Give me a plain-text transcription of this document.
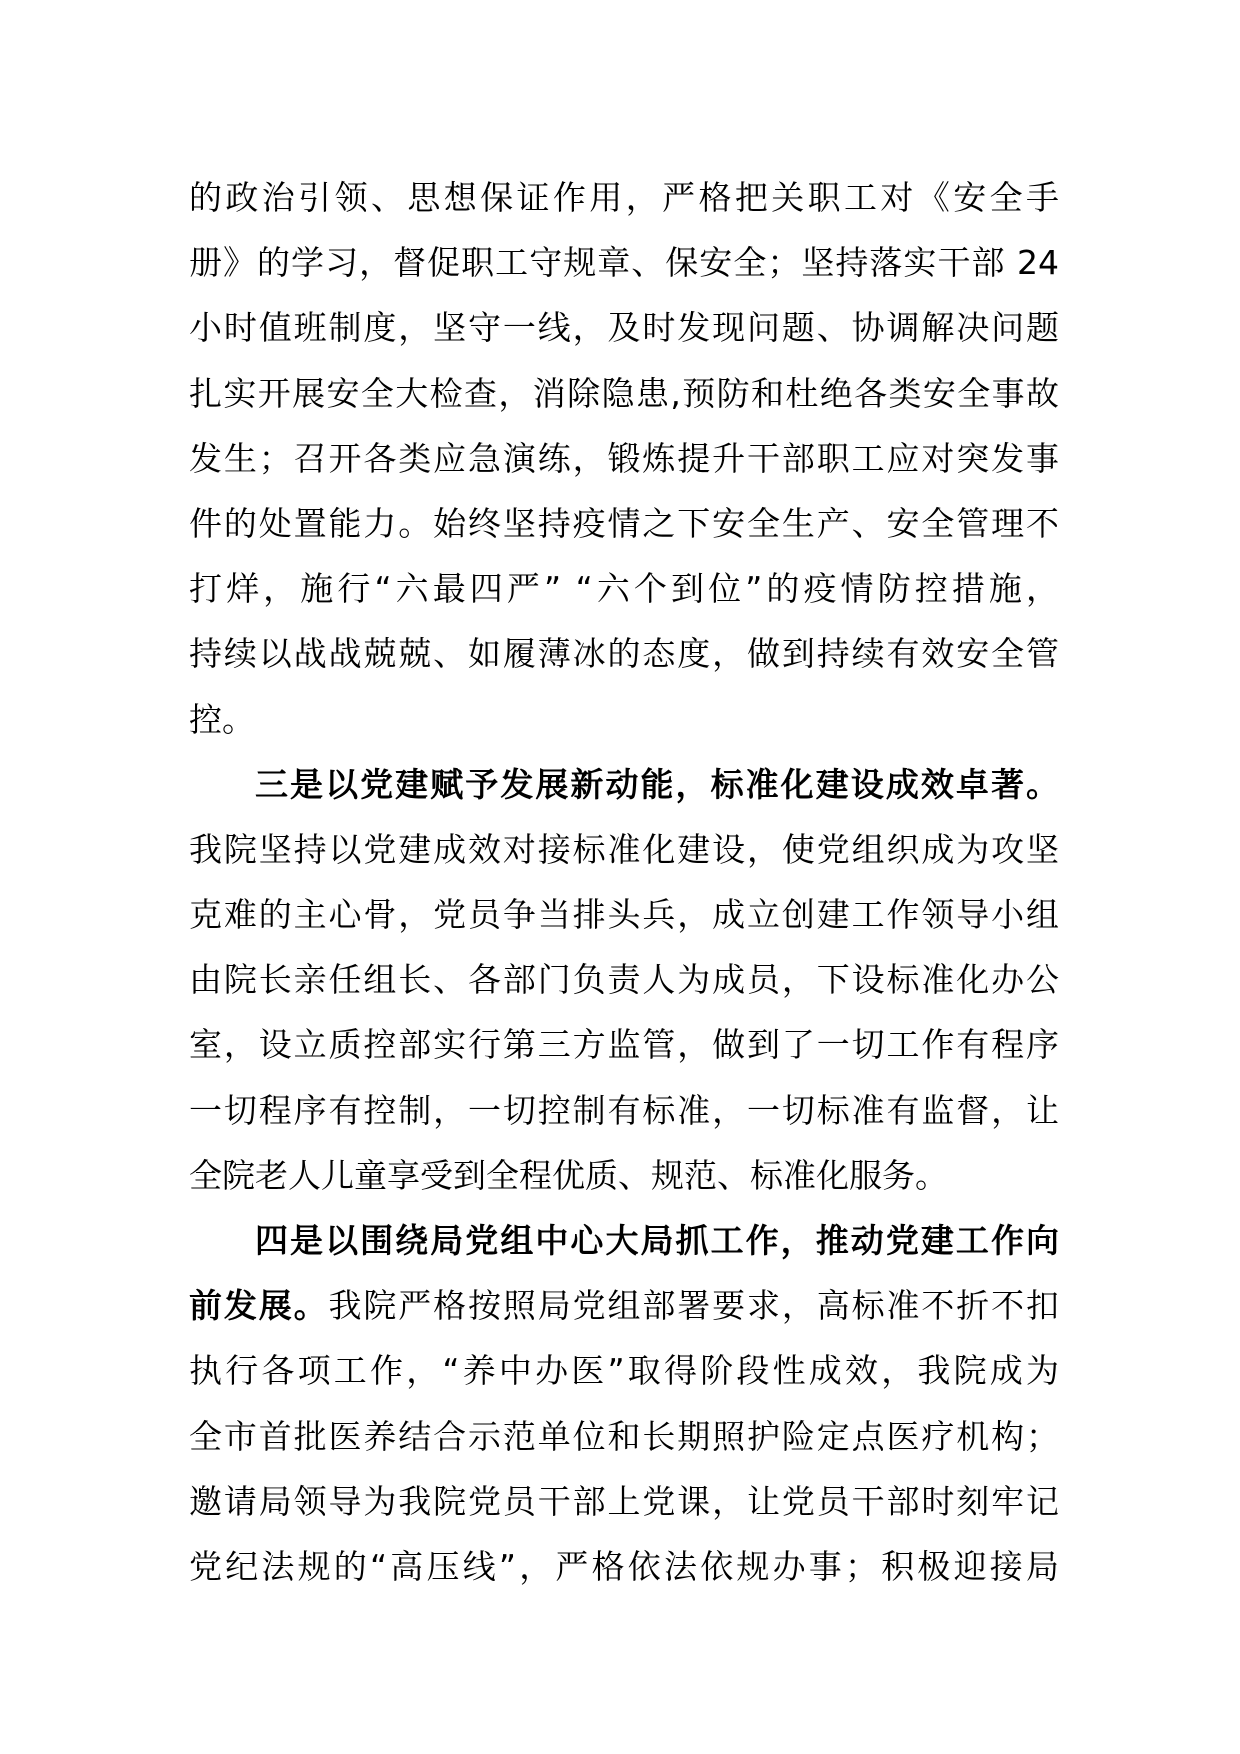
的政治引领、思想保证作用，严格把关职工对《安全手
册》的学习，督促职工守规章、保安全；坚持落实干部 24
小时值班制度，坚守一线，及时发现问题、协调解决问题
扎实开展安全大检查，消除隐患,预防和杜绝各类安全事故
发生；召开各类应急演练，锻炼提升干部职工应对突发事
件的处置能力。始终坚持疫情之下安全生产、安全管理不
打烊，施行“六最四严” “六个到位”的疫情防控措施，
持续以战战兢兢、如履薄冰的态度，做到持续有效安全管
控。
三是以党建赋予发展新动能，标准化建设成效卓著。
我院坚持以党建成效对接标准化建设，使党组织成为攻坚
克难的主心骨，党员争当排头兵，成立创建工作领导小组
由院长亲任组长、各部门负责人为成员，下设标准化办公
室，设立质控部实行第三方监管，做到了一切工作有程序
一切程序有控制，一切控制有标准，一切标准有监督，让
全院老人儿童享受到全程优质、规范、标准化服务。
四是以围绕局党组中心大局抓工作，推动党建工作向
前发展。我院严格按照局党组部署要求，高标准不折不扣
执行各项工作，“养中办医”取得阶段性成效，我院成为
全市首批医养结合示范单位和长期照护险定点医疗机构；
邀请局领导为我院党员干部上党课，让党员干部时刻牢记
党纪法规的“高压线”，严格依法依规办事；积极迎接局
